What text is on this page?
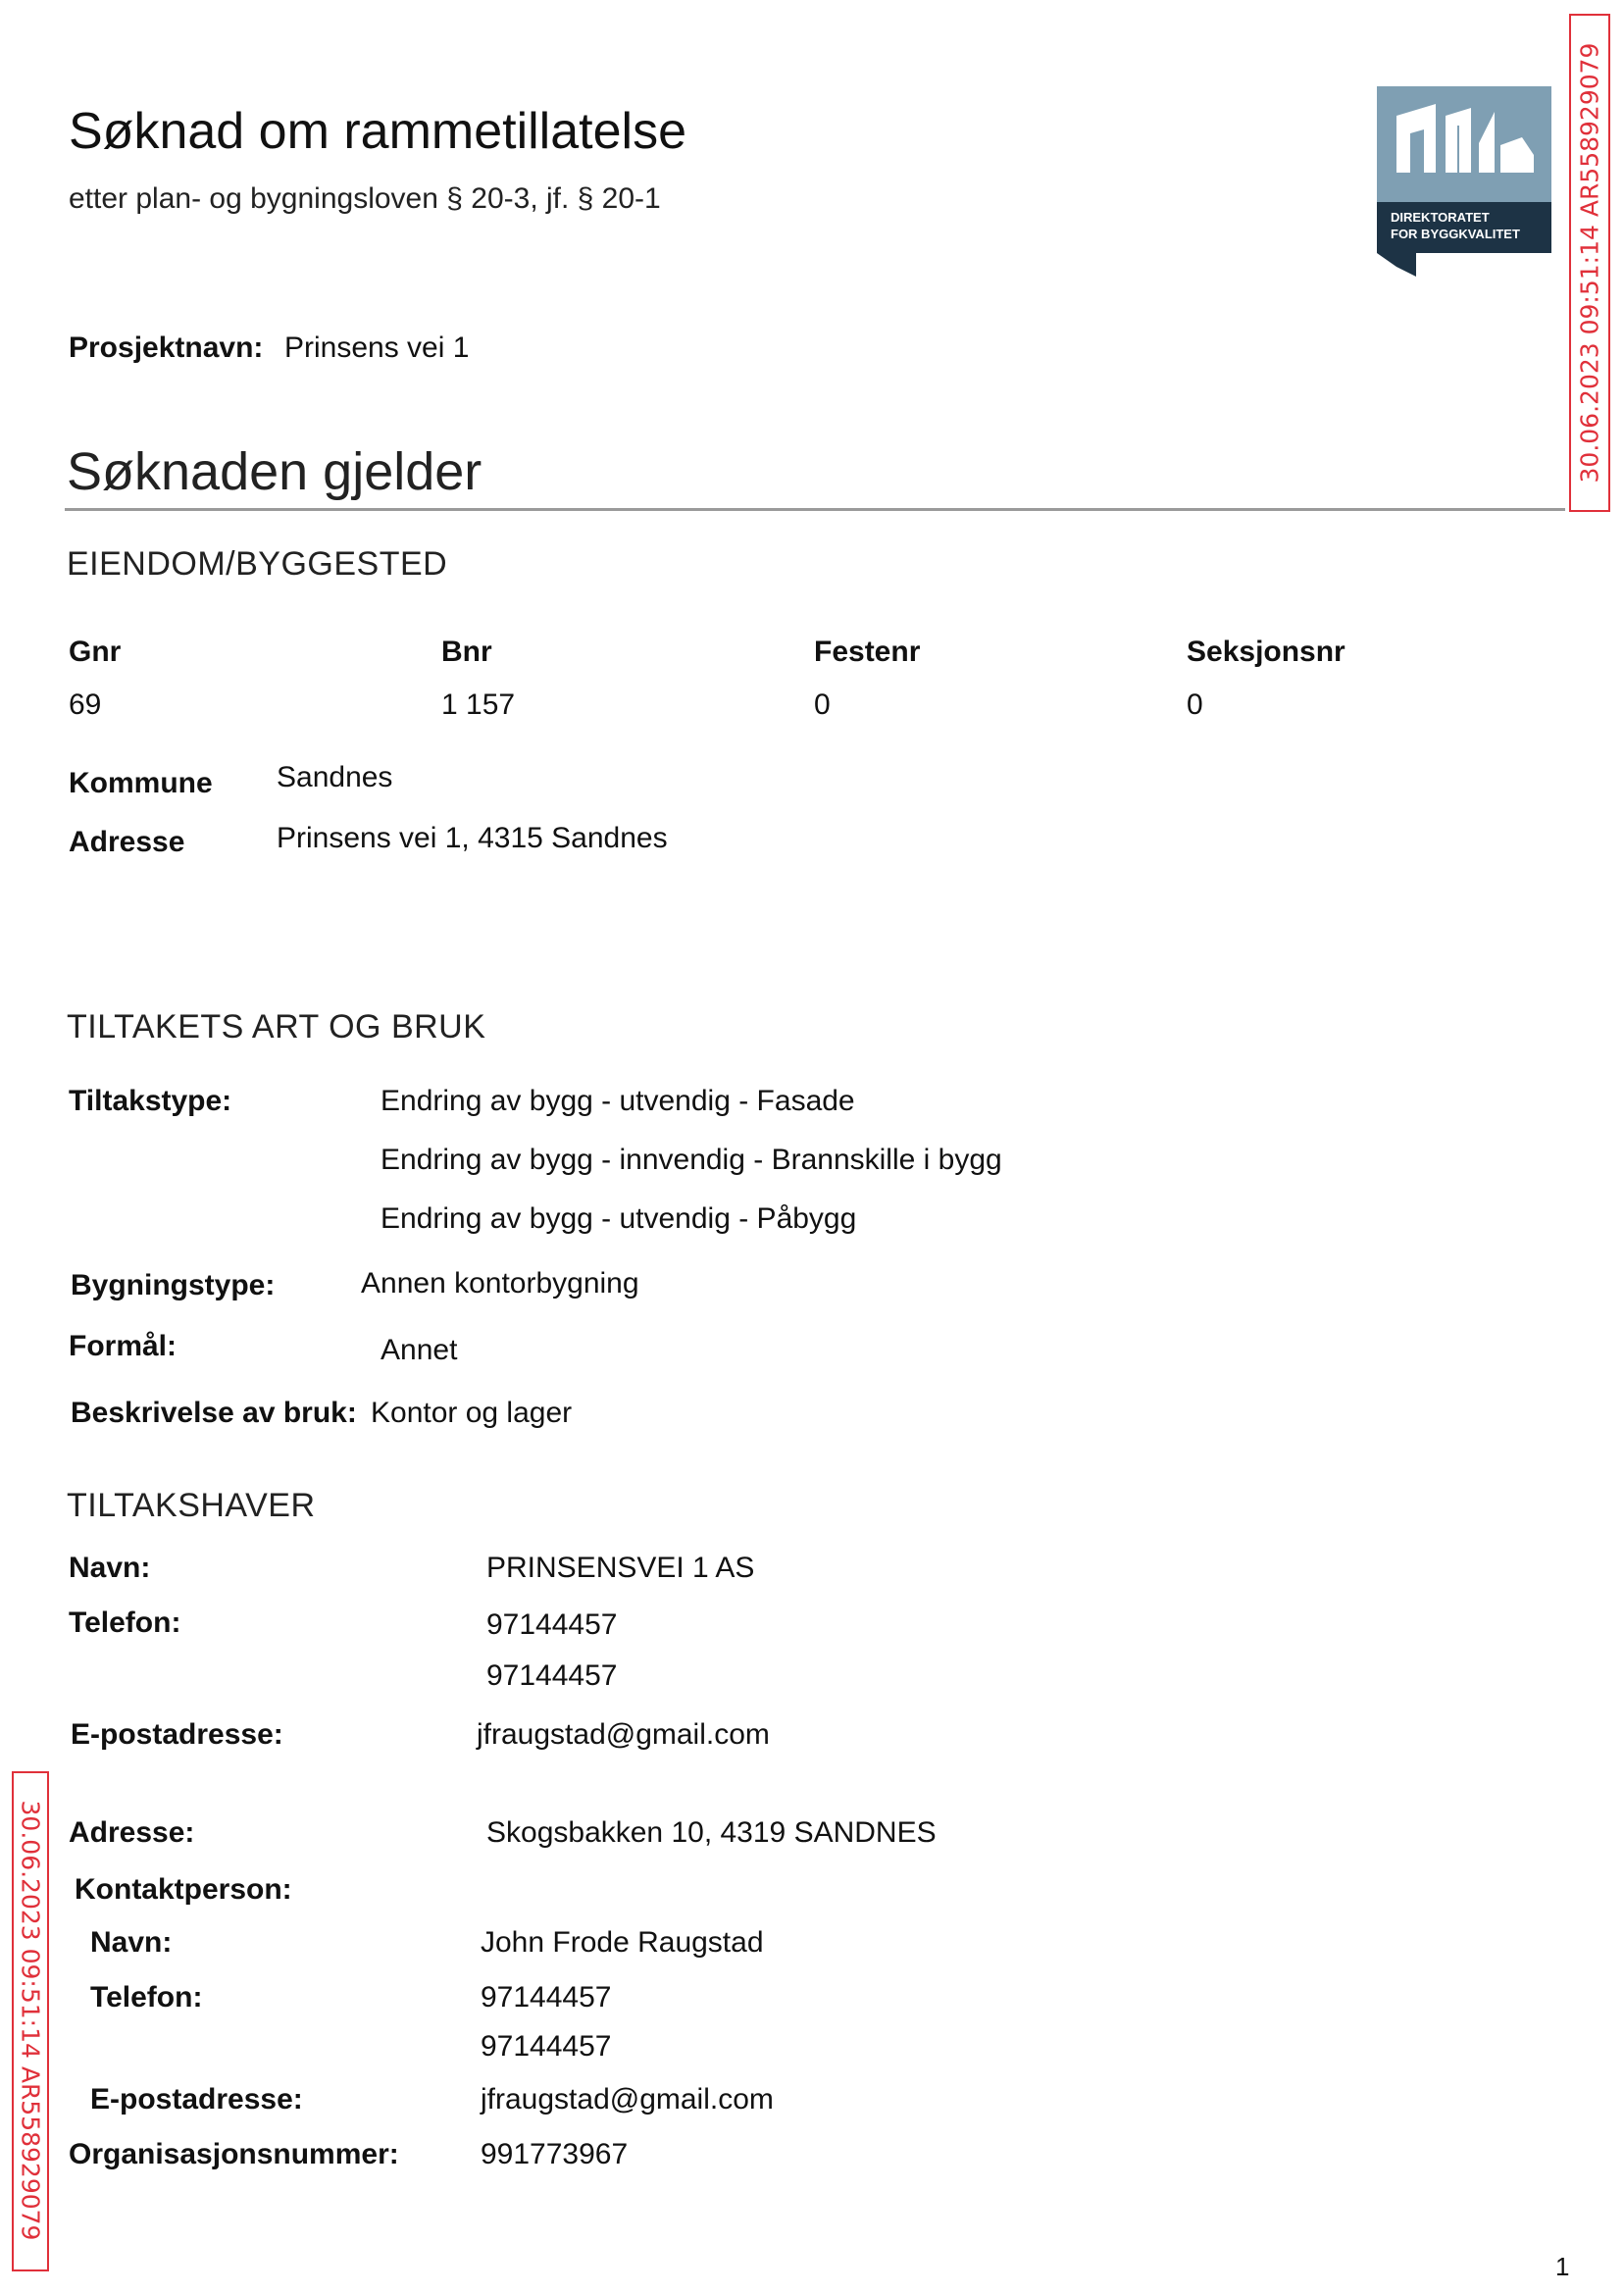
Søknad om rammetillatelse
etter plan- og bygningsloven § 20-3, jf. § 20-1
DIREKTORATET
FOR BYGGKVALITET
Prosjektnavn: Prinsens vei 1
Søknaden gjelder
EIENDOM/BYGGESTED
Gnr	Bnr	Festenr	Seksjonsnr
69	1 157	0	0
Kommune Sandnes
Adresse	Prinsens vei 1, 4315 Sandnes
TILTAKETS ART OG BRUK
Tiltakstype:	Endring av bygg - utvendig - Fasade
Endring av bygg - innvendig - Brannskille i bygg
Endring av bygg - utvendig - Påbygg
Bygningstype:	Annen kontorbygning
Formål:	Annet
Beskrivelse av bruk: Kontor og lager
TILTAKSHAVER
Navn:	PRINSENSVEI 1 AS
Telefon:	97144457
97144457
E-postadresse:	jfraugstad@gmail.com
Adresse:	Skogsbakken 10, 4319 SANDNES
Kontaktperson:
Navn:	John Frode Raugstad
Telefon:	97144457
97144457
E-postadresse:	jfraugstad@gmail.com
Organisasjonsnummer:	991773967
30.06.2023 09:51:14 AR558929079
30.06.2023 09:51:14 AR558929079
1
